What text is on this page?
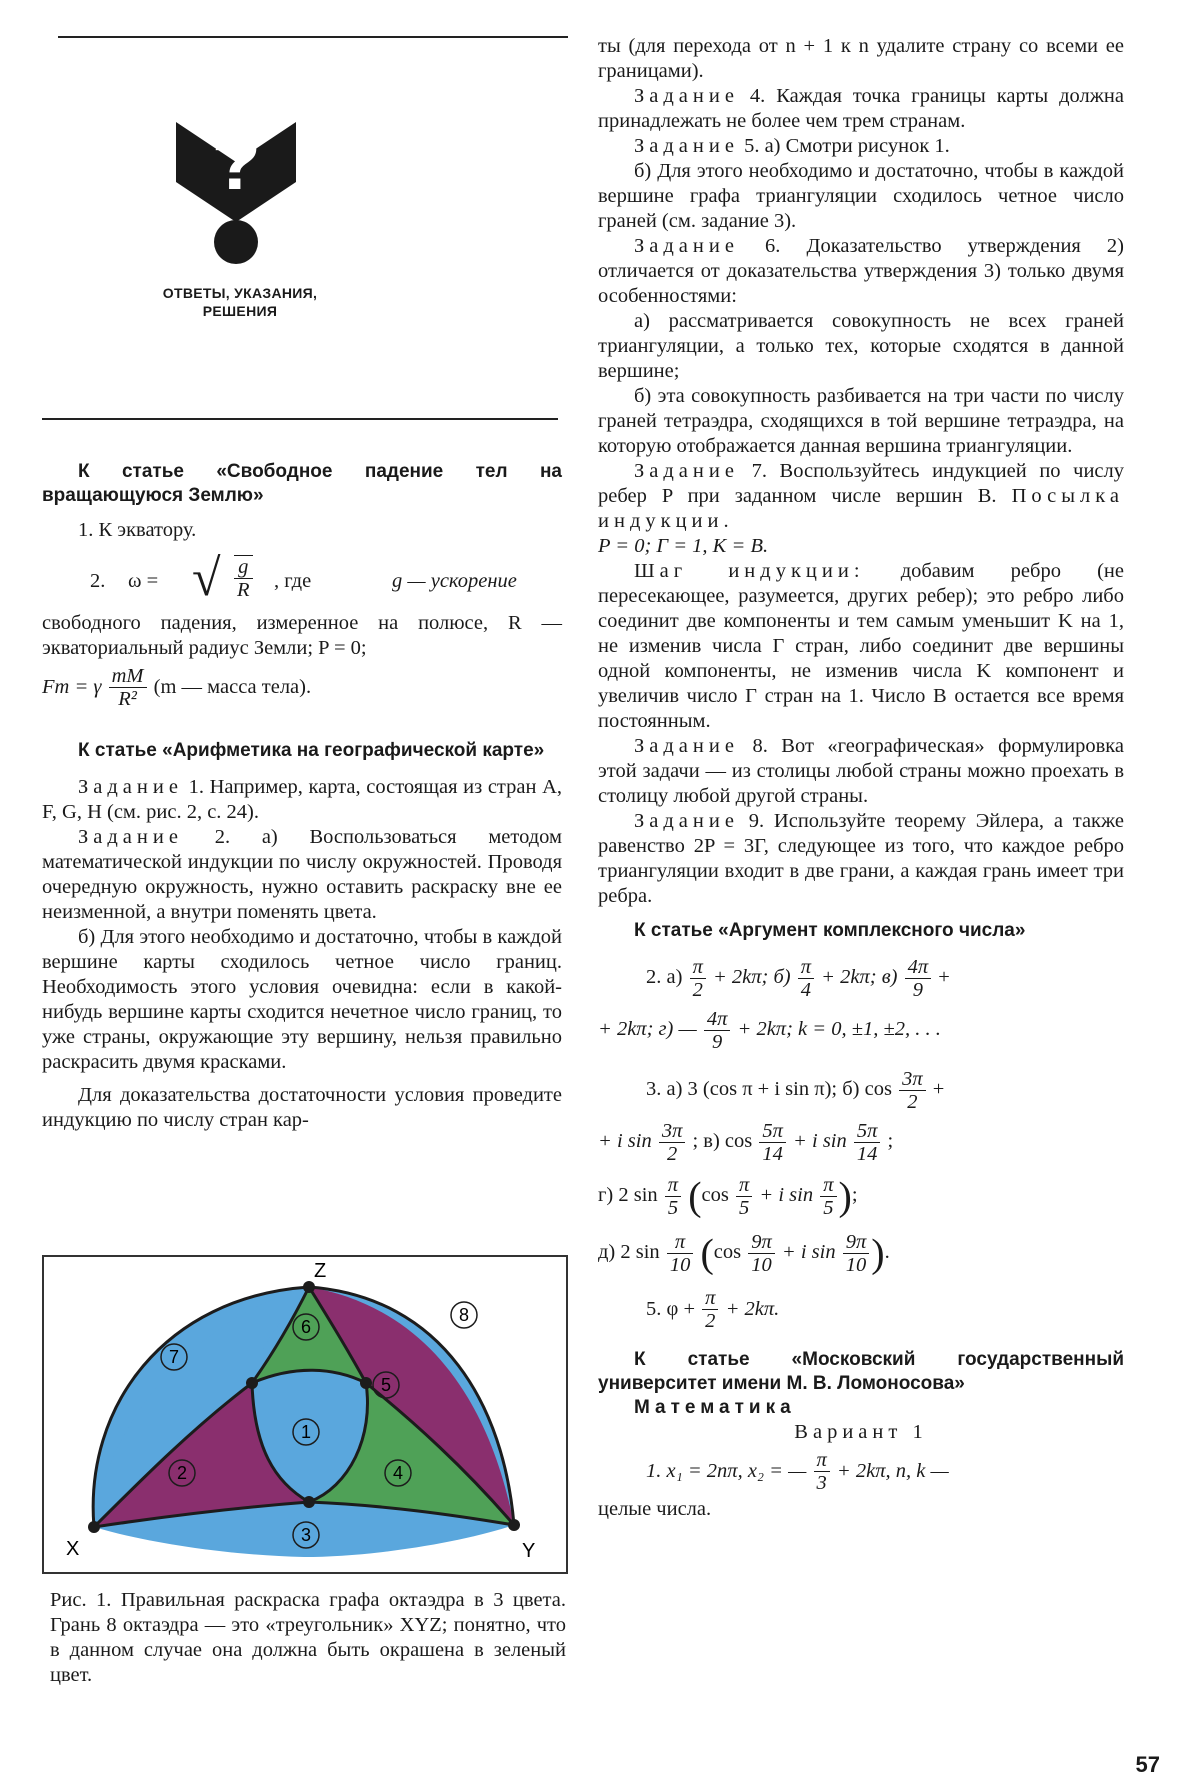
?
ОТВЕТЫ, УКАЗАНИЯ,
РЕШЕНИЯ

К статье «Свободное падение тел на вращающуюся Землю»

1. К экватору.

2. ω = √ $\frac{g}{R}$ , где	g — ускорение

свободного падения, измеренное на полюсе, R — экваториальный радиус Земли; P = 0;

Fт = γ $\frac{mM}{\text{R²}} (m$ — масса тела).

К статье «Арифметика на географической карте»

Задание 1. Например, карта, состоящая из стран A, F, G, H (см. рис. 2, с. 24).

Задание 2. а) Воспользоваться методом математической индукции по числу окружностей. Проводя очередную окружность, нужно оставить раскраску вне ее неизменной, а внутри поменять цвета.

б) Для этого необходимо и достаточно, чтобы в каждой вершине карты сходилось четное число границ. Необходимость этого условия очевидна: если в какой-нибудь вершине карты сходится нечетное число границ, то уже страны, окружающие эту вершину, нельзя правильно раскрасить двумя красками.

Для доказательства достаточности условия проведите индукцию по числу стран кар-

1
2
3
4
5
6
7
8
Z
X	Y
Рис. 1. Правильная раскраска графа октаэдра в 3 цвета. Грань 8 октаэдра — это «треугольник» XYZ; понятно, что в данном случае она должна быть окрашена в зеленый цвет.

ты (для перехода от n + 1 к n удалите страну со всеми ее границами).

Задание 4. Каждая точка границы карты должна принадлежать не более чем трем странам.

Задание 5. а) Смотри рисунок 1.

б) Для этого необходимо и достаточно, чтобы в каждой вершине графа триангуляции сходилось четное число граней (см. задание 3).

Задание 6. Доказательство утверждения 2) отличается от доказательства утверждения 3) только двумя особенностями:

а) рассматривается совокупность не всех граней триангуляции, а только тех, которые сходятся в данной вершине;

б) эта совокупность разбивается на три части по числу граней тетраэдра, сходящихся в той вершине тетраэдра, на которую отображается данная вершина триангуляции.

Задание 7. Воспользуйтесь индукцией по числу ребер P при заданном числе вершин B. Посылка индукции.

P = 0; Г = 1, K = B.

Шаг индукции: добавим ребро (не пересекающее, разумеется, других ребер); это ребро либо соединит две компоненты и тем самым уменьшит K на 1, не изменив числа Г стран, либо соединит две вершины одной компоненты, не изменив числа K компонент и увеличив число Г стран на 1. Число B остается все время постоянным.

Задание 8. Вот «географическая» формулировка этой задачи — из столицы любой страны можно проехать в столицу любой другой страны.

Задание 9. Используйте теорему Эйлера, а также равенство 2P = 3Г, следующее из того, что каждое ребро триангуляции входит в две грани, а каждая грань имеет три ребра.

К статье «Аргумент комплексного числа»

2. $а) \frac{\pi}{2} + 2k\pi$; $б) \frac{\pi}{4} + 2k\pi$; $в) \frac{4\pi}{9}$ +
+ 2kπ; г) — $\frac{4\pi}{9} + 2k\pi$; k = 0, ±1, ±2, . . .
3. а) 3 (cos π + i sin π); б) $\cos \frac{3\pi}{2}$ +
+ i $\sin \frac{3\pi}{2}$ ; в) $\cos \frac{5\pi}{14} + i$ $\sin \frac{5\pi}{14}$ ;
г) 2 $\sin \frac{\pi}{5} (\cos \frac{\pi}{5} + i$ $\sin \frac{\pi}{5}$ );
д) 2 $\sin \frac{\pi}{10} (\cos \frac{9\pi}{10} + i$ $\sin \frac{9\pi}{10}$ ).
5. $\varphi + \frac{\pi}{2} + 2k\pi$.

К статье «Московский государственный университет имени М. В. Ломоносова»

Математика

Вариант 1

1. x₁ = 2nπ, x₂ = — $\frac{\pi}{3} + 2k\pi$, n, k —

целые числа.

57
